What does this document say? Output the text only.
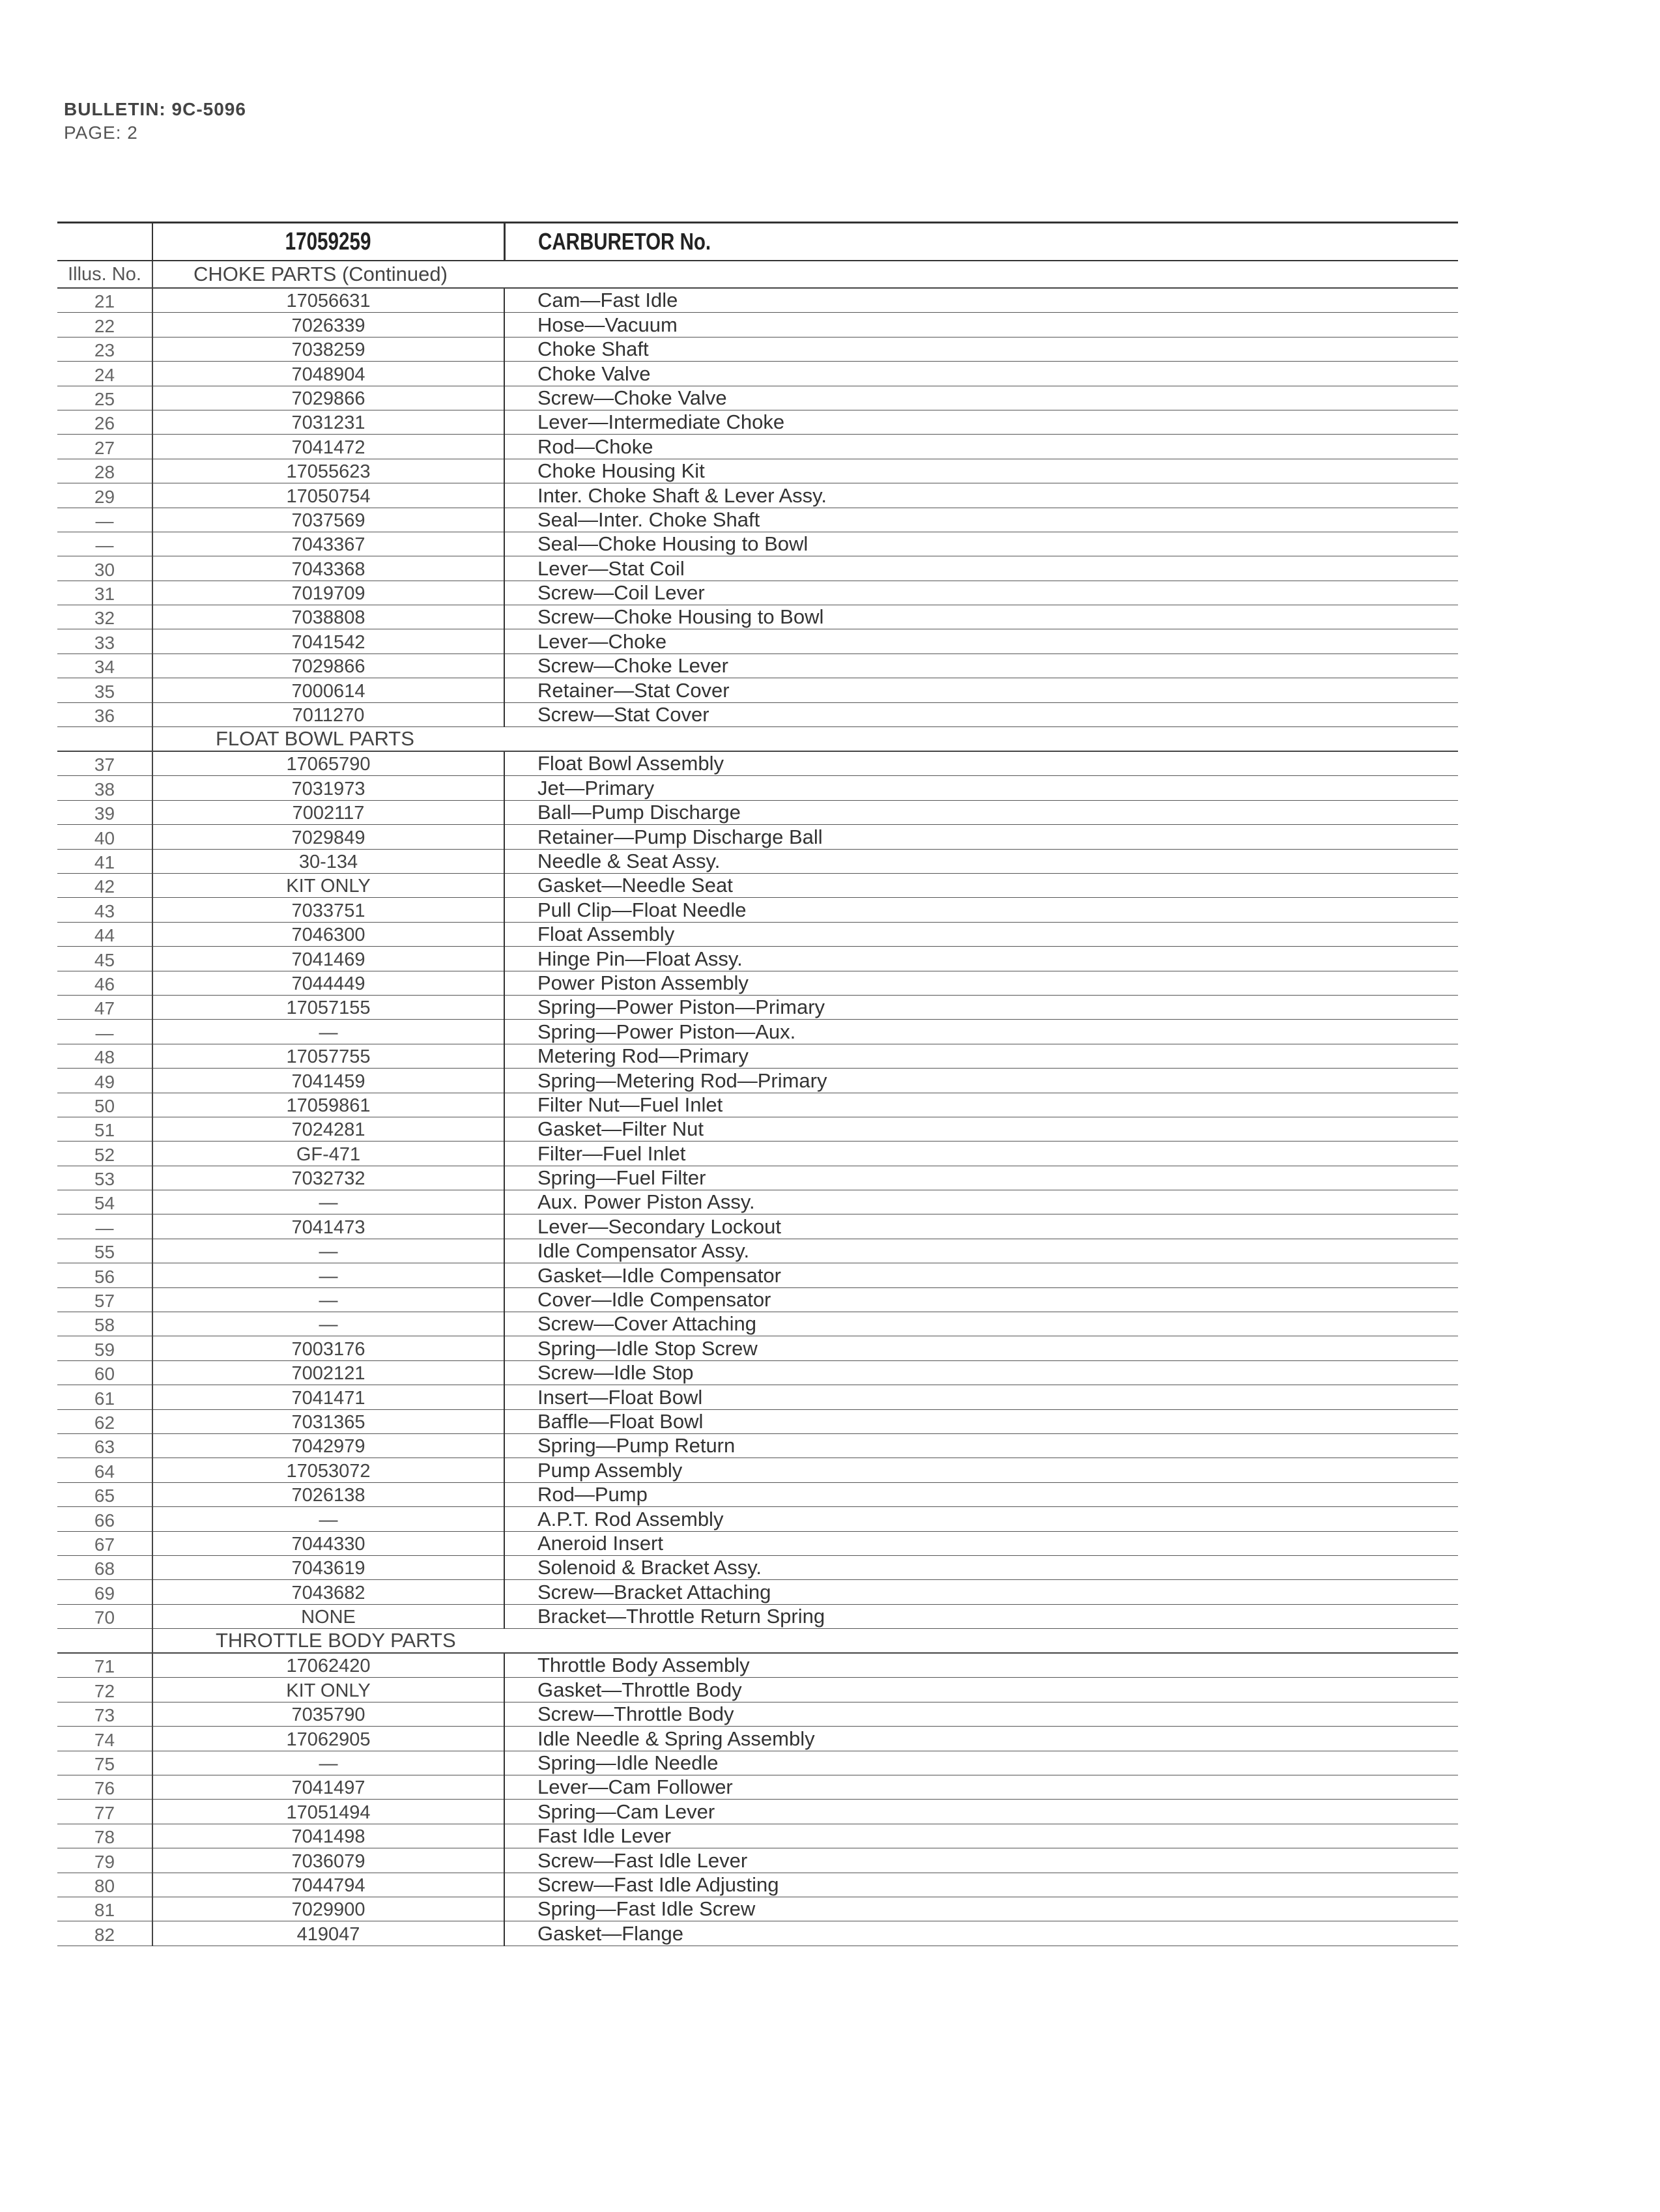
BULLETIN: 9C-5096
PAGE: 2
	17059259	CARBURETOR No.
Illus. No.	CHOKE PARTS (Continued)	
21	17056631	Cam—Fast Idle
22	7026339	Hose—Vacuum
23	7038259	Choke Shaft
24	7048904	Choke Valve
25	7029866	Screw—Choke Valve
26	7031231	Lever—Intermediate Choke
27	7041472	Rod—Choke
28	17055623	Choke Housing Kit
29	17050754	Inter. Choke Shaft & Lever Assy.
—	7037569	Seal—Inter. Choke Shaft
—	7043367	Seal—Choke Housing to Bowl
30	7043368	Lever—Stat Coil
31	7019709	Screw—Coil Lever
32	7038808	Screw—Choke Housing to Bowl
33	7041542	Lever—Choke
34	7029866	Screw—Choke Lever
35	7000614	Retainer—Stat Cover
36	7011270	Screw—Stat Cover
	FLOAT BOWL PARTS	
37	17065790	Float Bowl Assembly
38	7031973	Jet—Primary
39	7002117	Ball—Pump Discharge
40	7029849	Retainer—Pump Discharge Ball
41	30-134	Needle & Seat Assy.
42	KIT ONLY	Gasket—Needle Seat
43	7033751	Pull Clip—Float Needle
44	7046300	Float Assembly
45	7041469	Hinge Pin—Float Assy.
46	7044449	Power Piston Assembly
47	17057155	Spring—Power Piston—Primary
—	—	Spring—Power Piston—Aux.
48	17057755	Metering Rod—Primary
49	7041459	Spring—Metering Rod—Primary
50	17059861	Filter Nut—Fuel Inlet
51	7024281	Gasket—Filter Nut
52	GF-471	Filter—Fuel Inlet
53	7032732	Spring—Fuel Filter
54	—	Aux. Power Piston Assy.
—	7041473	Lever—Secondary Lockout
55	—	Idle Compensator Assy.
56	—	Gasket—Idle Compensator
57	—	Cover—Idle Compensator
58	—	Screw—Cover Attaching
59	7003176	Spring—Idle Stop Screw
60	7002121	Screw—Idle Stop
61	7041471	Insert—Float Bowl
62	7031365	Baffle—Float Bowl
63	7042979	Spring—Pump Return
64	17053072	Pump Assembly
65	7026138	Rod—Pump
66	—	A.P.T. Rod Assembly
67	7044330	Aneroid Insert
68	7043619	Solenoid & Bracket Assy.
69	7043682	Screw—Bracket Attaching
70	NONE	Bracket—Throttle Return Spring
	THROTTLE BODY PARTS	
71	17062420	Throttle Body Assembly
72	KIT ONLY	Gasket—Throttle Body
73	7035790	Screw—Throttle Body
74	17062905	Idle Needle & Spring Assembly
75	—	Spring—Idle Needle
76	7041497	Lever—Cam Follower
77	17051494	Spring—Cam Lever
78	7041498	Fast Idle Lever
79	7036079	Screw—Fast Idle Lever
80	7044794	Screw—Fast Idle Adjusting
81	7029900	Spring—Fast Idle Screw
82	419047	Gasket—Flange
